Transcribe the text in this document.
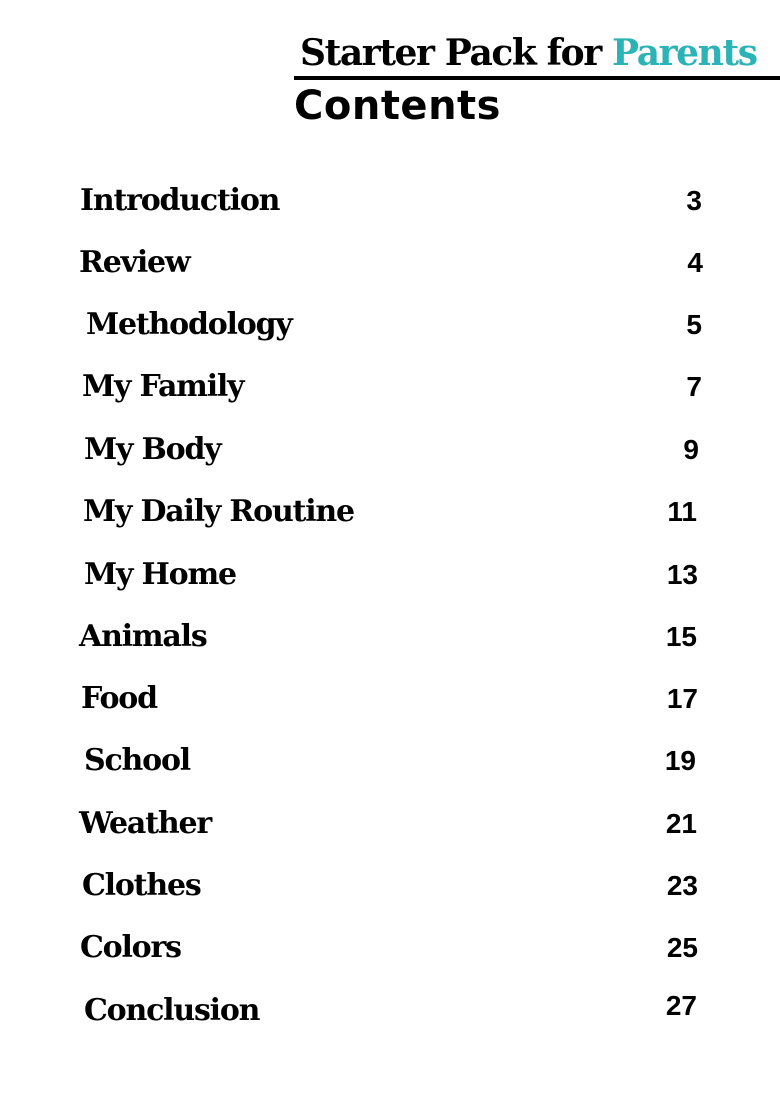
Starter Pack for Parents
Contents
Introduction	3
Review	4
Methodology	5
My Family	7
My Body	9
My Daily Routine	11
My Home	13
Animals	15
Food	17
School	19
Weather	21
Clothes	23
Colors	25
Conclusion	27
